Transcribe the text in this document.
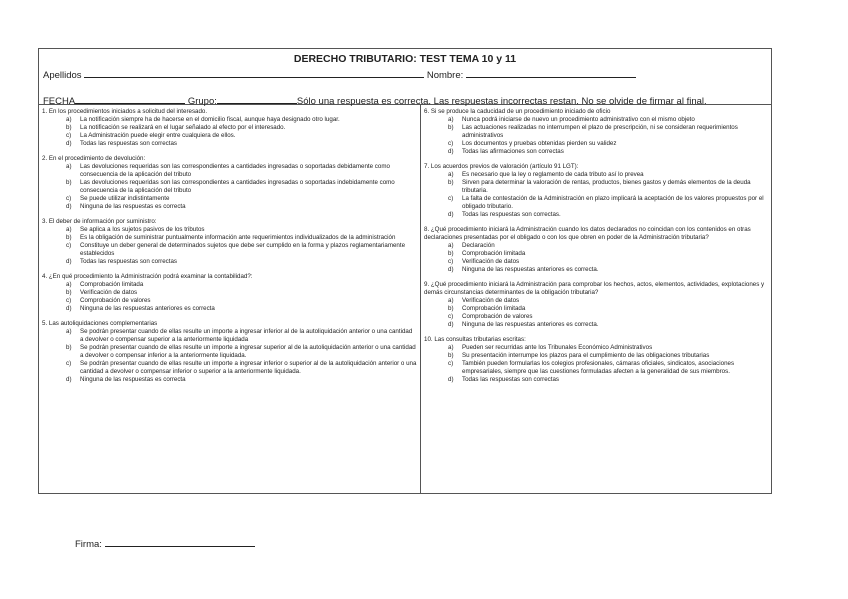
DERECHO TRIBUTARIO: TEST TEMA 10 y 11
Apellidos	Nombre:
FECHA	Grupo:	Sólo una respuesta es correcta. Las respuestas incorrectas restan. No se olvide de firmar al final.
1. En los procedimientos iniciados a solicitud del interesado.
a)	La notificación siempre ha de hacerse en el domicilio fiscal, aunque haya designado otro lugar.
b)	La notificación se realizará en el lugar señalado al efecto por el interesado.
c)	La Administración puede elegir entre cualquiera de ellos.
d)	Todas las respuestas son correctas
2. En el procedimiento de devolución:
a)	Las devoluciones requeridas son las correspondientes a cantidades ingresadas o soportadas debidamente como consecuencia de la aplicación del tributo
b)	Las devoluciones requeridas son las correspondientes a cantidades ingresadas o soportadas indebidamente como consecuencia de la aplicación del tributo
c)	Se puede utilizar indistintamente
d)	Ninguna de las respuestas es correcta
3. El deber de información por suministro:
a)	Se aplica a los sujetos pasivos de los tributos
b)	Es la obligación de suministrar puntualmente información ante requerimientos individualizados de la administración
c)	Constituye un deber general de determinados sujetos que debe ser cumplido en la forma y plazos reglamentariamente establecidos
d)	Todas las respuestas son correctas
4. ¿En qué procedimiento la Administración podrá examinar la contabilidad?:
a)	Comprobación limitada
b)	Verificación de datos
c)	Comprobación de valores
d)	Ninguna de las respuestas anteriores es correcta
5. Las autoliquidaciones complementarias
a)	Se podrán presentar cuando de ellas resulte un importe a ingresar inferior al de la autoliquidación anterior o una cantidad a devolver o compensar superior a la anteriormente liquidada
b)	Se podrán presentar cuando de ellas resulte un importe a ingresar superior al de la autoliquidación anterior o una cantidad a devolver o compensar inferior a la anteriormente liquidada.
c)	Se podrán presentar cuando de ellas resulte un importe a ingresar inferior o superior al de la autoliquidación anterior o una cantidad a devolver o compensar inferior o superior a la anteriormente liquidada.
d)	Ninguna de las respuestas es correcta
6. Si se produce la caducidad de un procedimiento iniciado de oficio
a)	Nunca podrá iniciarse de nuevo un procedimiento administrativo con el mismo objeto
b)	Las actuaciones realizadas no interrumpen el plazo de prescripción, ni se consideran requerimientos administrativos
c)	Los documentos y pruebas obtenidas pierden su validez
d)	Todas las afirmaciones son correctas
7. Los acuerdos previos de valoración (artículo 91 LGT):
a)	Es necesario que la ley o reglamento de cada tributo así lo prevea
b)	Sirven para determinar la valoración de rentas, productos, bienes gastos y demás elementos de la deuda tributaria.
c)	La falta de contestación de la Administración en plazo implicará la aceptación de los valores propuestos por el obligado tributario.
d)	Todas las respuestas son correctas.
8. ¿Qué procedimiento iniciará la Administración cuando los datos declarados no coincidan con los contenidos en otras declaraciones presentadas por el obligado o con los que obren en poder de la Administración tributaria?
a)	Declaración
b)	Comprobación limitada
c)	Verificación de datos
d)	Ninguna de las respuestas anteriores es correcta.
9. ¿Qué procedimiento iniciará la Administración para comprobar los hechos, actos, elementos, actividades, explotaciones y demás circunstancias determinantes de la obligación tributaria?
a)	Verificación de datos
b)	Comprobación limitada
c)	Comprobación de valores
d)	Ninguna de las respuestas anteriores es correcta.
10. Las consultas tributarias escritas:
a)	Pueden ser recurridas ante los Tribunales Económico Administrativos
b)	Su presentación interrumpe los plazos para el cumplimiento de las obligaciones tributarias
c)	También pueden formularlas los colegios profesionales, cámaras oficiales, sindicatos, asociaciones empresariales, siempre que las cuestiones formuladas afecten a la generalidad de sus miembros.
d)	Todas las respuestas son correctas
Firma:
